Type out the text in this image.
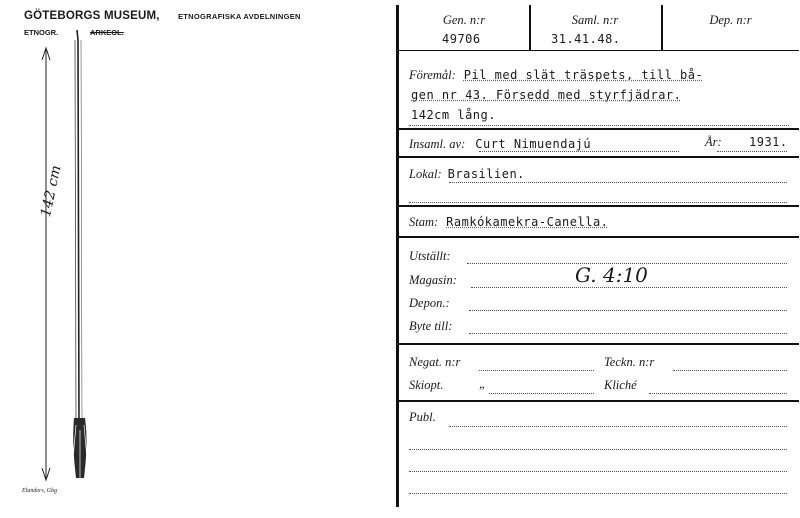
GÖTEBORGS MUSEUM, ETNOGRAFISKA AVDELNINGEN
ETNOGR.	ARKEOL.
142 cm
Elanders, Gbg
Gen. n:r	Saml. n:r	Dep. n:r
49706	31.41.48.
Föremål: Pil med slät träspets, till bå-
gen nr 43. Försedd med styrfjädrar.
142cm lång.
Insaml. av: Curt Nimuendajú	År: 1931.
Lokal: Brasilien.
Stam: Ramkókamekra-Canella.
Utställt:
Magasin:	G. 4:10
Depon.:
Byte till:
Negat. n:r	Teckn. n:r
Skiopt.	„	Kliché
Publ.
